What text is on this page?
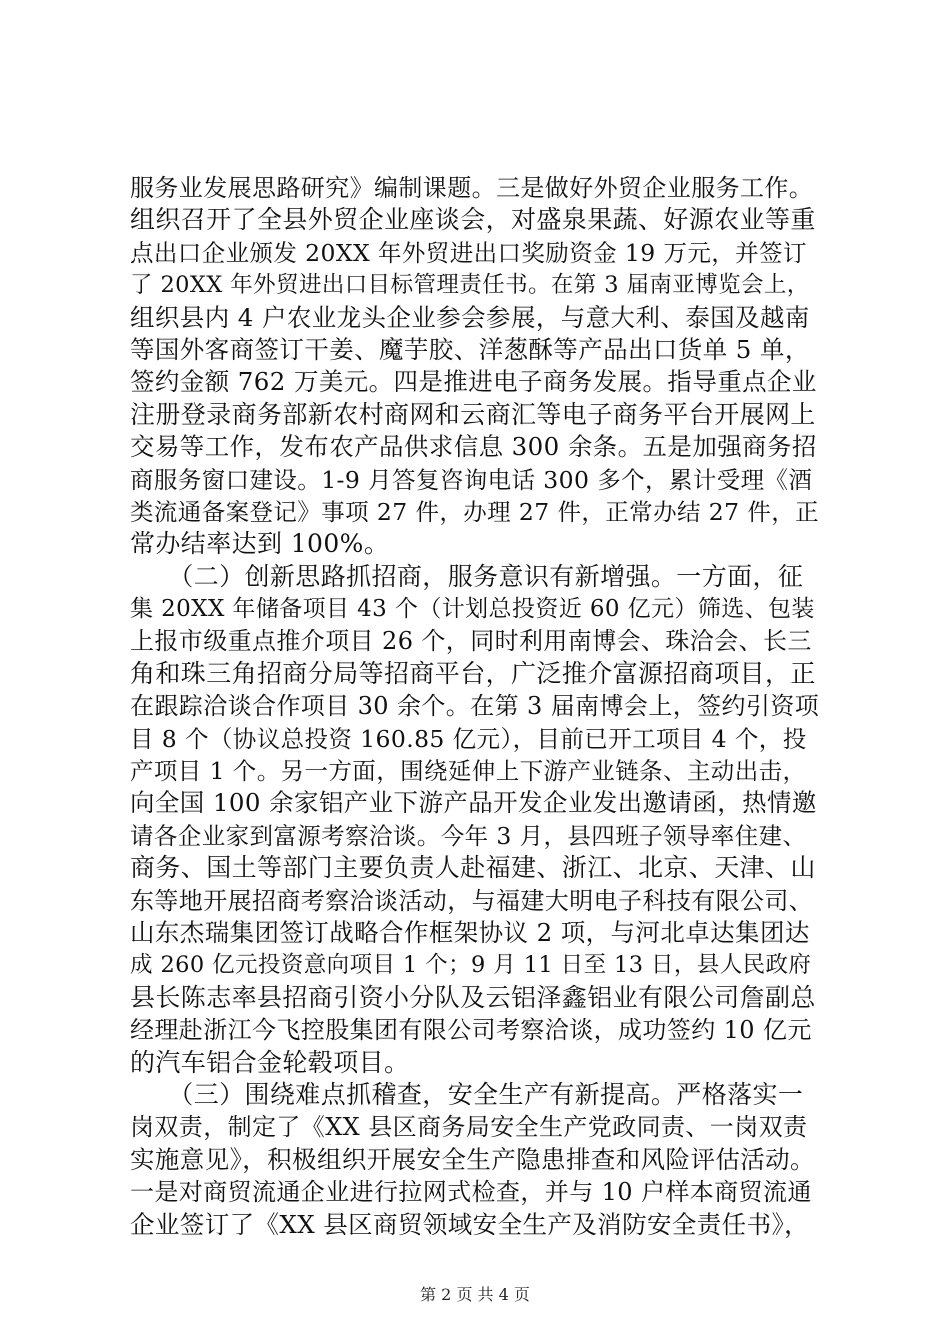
服务业发展思路研究》编制课题。三是做好外贸企业服务工作。
组织召开了全县外贸企业座谈会，对盛泉果蔬、好源农业等重
点出口企业颁发 20XX 年外贸进出口奖励资金 19 万元，并签订
了 20XX 年外贸进出口目标管理责任书。在第 3 届南亚博览会上，
组织县内 4 户农业龙头企业参会参展，与意大利、泰国及越南
等国外客商签订干姜、魔芋胶、洋葱酥等产品出口货单 5 单，
签约金额 762 万美元。四是推进电子商务发展。指导重点企业
注册登录商务部新农村商网和云商汇等电子商务平台开展网上
交易等工作，发布农产品供求信息 300 余条。五是加强商务招
商服务窗口建设。1-9 月答复咨询电话 300 多个，累计受理《酒
类流通备案登记》事项 27 件，办理 27 件，正常办结 27 件，正
常办结率达到 100%。
　　（二）创新思路抓招商，服务意识有新增强。一方面，征
集 20XX 年储备项目 43 个（计划总投资近 60 亿元）筛选、包装
上报市级重点推介项目 26 个，同时利用南博会、珠洽会、长三
角和珠三角招商分局等招商平台，广泛推介富源招商项目，正
在跟踪洽谈合作项目 30 余个。在第 3 届南博会上，签约引资项
目 8 个（协议总投资 160.85 亿元），目前已开工项目 4 个，投
产项目 1 个。另一方面，围绕延伸上下游产业链条、主动出击，
向全国 100 余家铝产业下游产品开发企业发出邀请函，热情邀
请各企业家到富源考察洽谈。今年 3 月，县四班子领导率住建、
商务、国土等部门主要负责人赴福建、浙江、北京、天津、山
东等地开展招商考察洽谈活动，与福建大明电子科技有限公司、
山东杰瑞集团签订战略合作框架协议 2 项，与河北卓达集团达
成 260 亿元投资意向项目 1 个；9 月 11 日至 13 日，县人民政府
县长陈志率县招商引资小分队及云铝泽鑫铝业有限公司詹副总
经理赴浙江今飞控股集团有限公司考察洽谈，成功签约 10 亿元
的汽车铝合金轮毂项目。
　　（三）围绕难点抓稽查，安全生产有新提高。严格落实一
岗双责，制定了《XX 县区商务局安全生产党政同责、一岗双责
实施意见》，积极组织开展安全生产隐患排查和风险评估活动。
一是对商贸流通企业进行拉网式检查，并与 10 户样本商贸流通
企业签订了《XX 县区商贸领域安全生产及消防安全责任书》，
第 2 页 共 4 页
